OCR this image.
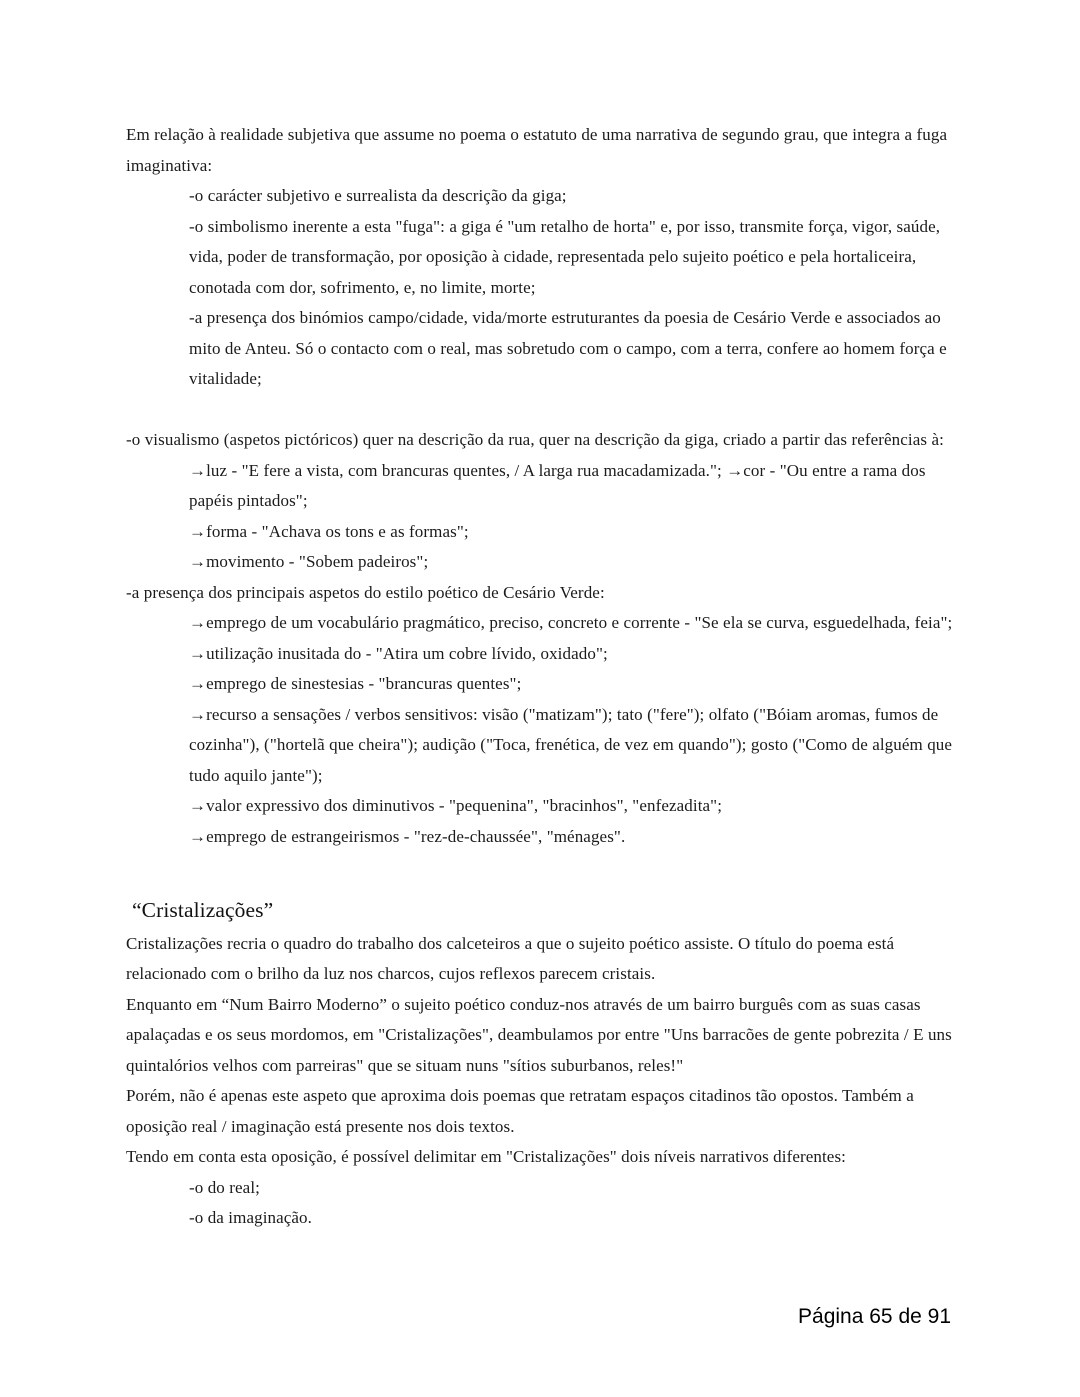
Em relação à realidade subjetiva que assume no poema o estatuto de uma narrativa de segundo grau, que integra a fuga imaginativa:
-o carácter subjetivo e surrealista da descrição da giga;
-o simbolismo inerente a esta "fuga": a giga é "um retalho de horta" e, por isso, transmite força, vigor, saúde, vida, poder de transformação, por oposição à cidade, representada pelo sujeito poético e pela hortaliceira, conotada com dor, sofrimento, e, no limite, morte;
-a presença dos binómios campo/cidade, vida/morte estruturantes da poesia de Cesário Verde e associados ao mito de Anteu. Só o contacto com o real, mas sobretudo com o campo, com a terra, confere ao homem força e vitalidade;
-o visualismo (aspetos pictóricos) quer na descrição da rua, quer na descrição da giga, criado a partir das referências à:
→luz - "E fere a vista, com brancuras quentes, / A larga rua macadamizada."; →cor - "Ou entre a rama dos papéis pintados";
→forma - "Achava os tons e as formas";
→movimento - "Sobem padeiros";
-a presença dos principais aspetos do estilo poético de Cesário Verde:
→emprego de um vocabulário pragmático, preciso, concreto e corrente - "Se ela se curva, esguedelhada, feia";
→utilização inusitada do - "Atira um cobre lívido, oxidado";
→emprego de sinestesias - "brancuras quentes";
→recurso a sensações / verbos sensitivos: visão ("matizam"); tato ("fere"); olfato ("Bóiam aromas, fumos de cozinha"), ("hortelã que cheira"); audição ("Toca, frenética, de vez em quando"); gosto ("Como de alguém que tudo aquilo jante");
→valor expressivo dos diminutivos - "pequenina", "bracinhos", "enfezadita";
→emprego de estrangeirismos - "rez-de-chaussée", "ménages".
“Cristalizações”
Cristalizações recria o quadro do trabalho dos calceteiros a que o sujeito poético assiste. O título do poema está relacionado com o brilho da luz nos charcos, cujos reflexos parecem cristais.
Enquanto em “Num Bairro Moderno” o sujeito poético conduz-nos através de um bairro burguês com as suas casas apalaçadas e os seus mordomos, em "Cristalizações", deambulamos por entre "Uns barracões de gente pobrezita / E uns quintalórios velhos com parreiras" que se situam nuns "sítios suburbanos, reles!"
Porém, não é apenas este aspeto que aproxima dois poemas que retratam espaços citadinos tão opostos. Também a oposição real / imaginação está presente nos dois textos.
Tendo em conta esta oposição, é possível delimitar em "Cristalizações" dois níveis narrativos diferentes:
-o do real;
-o da imaginação.
Página 65 de 91
